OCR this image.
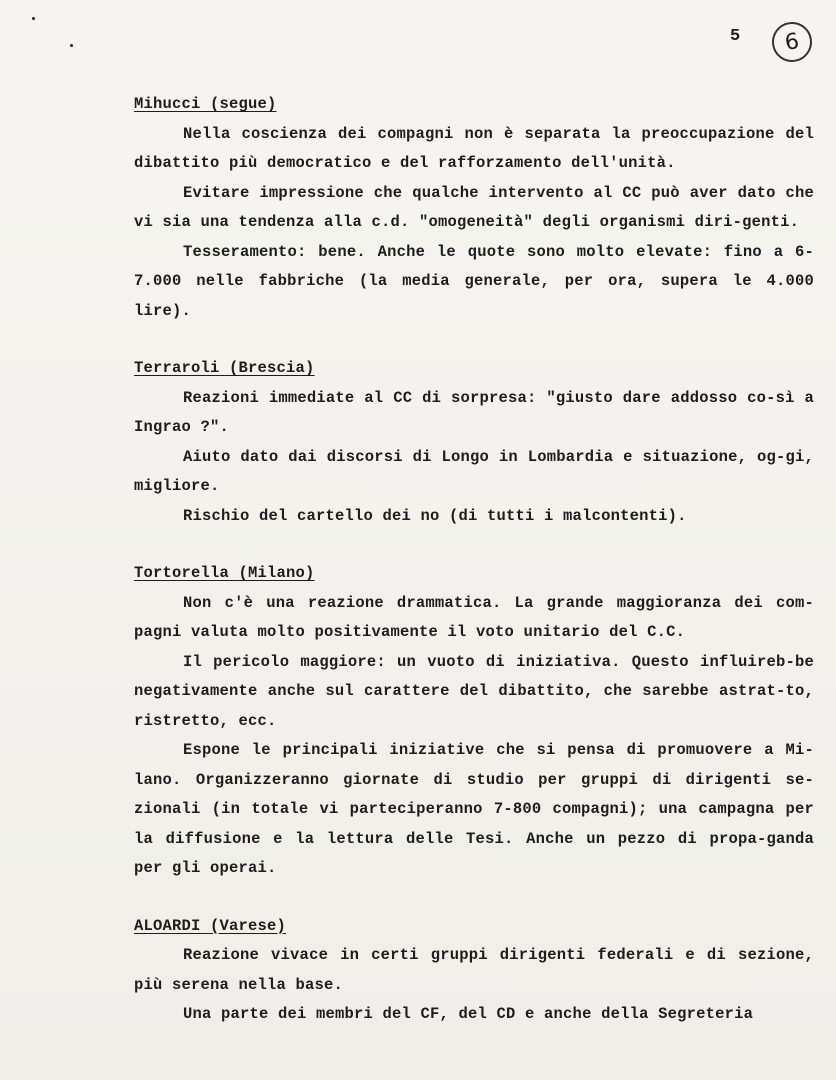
5	6

Mihucci (segue)

Nella coscienza dei compagni non è separata la preoccupazione del dibattito più democratico e del rafforzamento dell'unità.

Evitare impressione che qualche intervento al CC può aver dato che vi sia una tendenza alla c.d. "omogeneità" degli organismi diri-genti.

Tesseramento: bene. Anche le quote sono molto elevate: fino a 6-7.000 nelle fabbriche (la media generale, per ora, supera le 4.000 lire).

Terraroli (Brescia)

Reazioni immediate al CC di sorpresa: "giusto dare addosso co-sì a Ingrao ?".

Aiuto dato dai discorsi di Longo in Lombardia e situazione, og-gi, migliore.

Rischio del cartello dei no (di tutti i malcontenti).

Tortorella (Milano)

Non c'è una reazione drammatica. La grande maggioranza dei com-pagni valuta molto positivamente il voto unitario del C.C.

Il pericolo maggiore: un vuoto di iniziativa. Questo influireb-be negativamente anche sul carattere del dibattito, che sarebbe astrat-to, ristretto, ecc.

Espone le principali iniziative che si pensa di promuovere a Mi-lano. Organizzeranno giornate di studio per gruppi di dirigenti se-zionali (in totale vi parteciperanno 7-800 compagni); una campagna per la diffusione e la lettura delle Tesi. Anche un pezzo di propa-ganda per gli operai.

ALOARDI (Varese)

Reazione vivace in certi gruppi dirigenti federali e di sezione, più serena nella base.

Una parte dei membri del CF, del CD e anche della Segreteria
